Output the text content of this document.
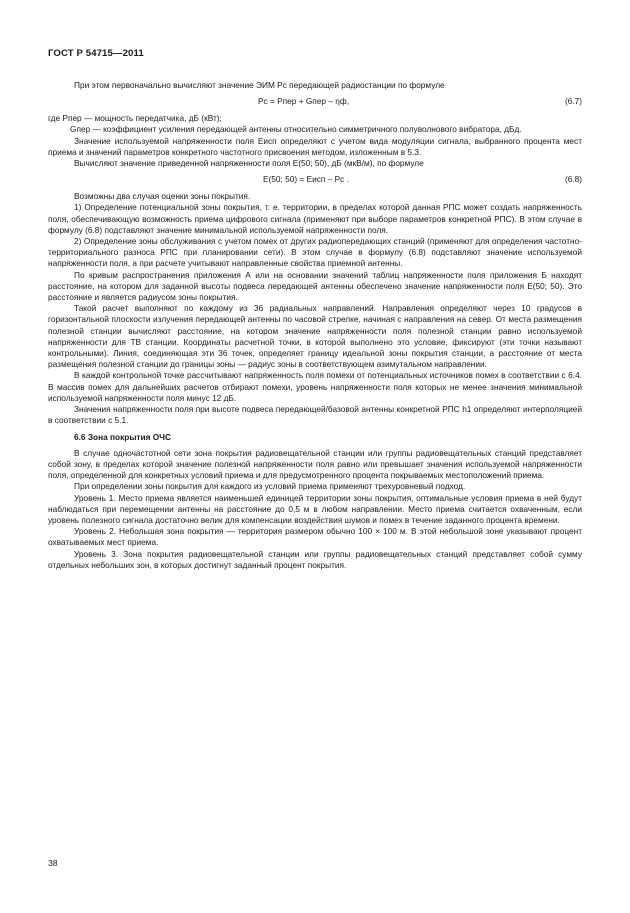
ГОСТ Р 54715—2011

При этом первоначально вычисляют значение ЭИМ Pс передающей радиостанции по формуле

Pс = Pпер + Gпер – ηф,	(6.7)

где Pпер — мощность передатчика, дБ (кВт);

Gпер — коэффициент усиления передающей антенны относительно симметричного полуволнового вибратора, дБд.

Значение используемой напряженности поля Eисп определяют с учетом вида модуляции сигнала, выбранного процента мест приема и значений параметров конкретного частотного присвоения методом, изложенным в 5.3.

Вычисляют значение приведенной напряженности поля E(50; 50), дБ (мкВ/м), по формуле

E(50; 50) = Eисп – Pс .	(6.8)

Возможны два случая оценки зоны покрытия.

1) Определение потенциальной зоны покрытия, т. е. территории, в пределах которой данная РПС может создать напряженность поля, обеспечивающую возможность приема цифрового сигнала (применяют при выборе параметров конкретной РПС). В этом случае в формулу (6.8) подставляют значение минимальной используемой напряженности поля.

2) Определение зоны обслуживания с учетом помех от других радиопередающих станций (применяют для определения частотно-территориального разноса РПС при планировании сети). В этом случае в формулу (6.8) подставляют значение используемой напряженности поля, а при расчете учитывают направленные свойства приемной антенны.

По кривым распространения приложения А или на основании значений таблиц напряженности поля приложения Б находят расстояние, на котором для заданной высоты подвеса передающей антенны обеспечено значение напряженности поля E(50; 50). Это расстояние и является радиусом зоны покрытия.

Такой расчет выполняют по каждому из 36 радиальных направлений. Направления определяют через 10 градусов в горизонтальной плоскости излучения передающей антенны по часовой стрелке, начиная с направления на север. От места размещения полезной станции вычисляют расстояние, на котором значение напряженности поля полезной станции равно используемой напряженности для ТВ станции. Координаты расчетной точки, в которой выполнено это условие, фиксируют (эти точки называют контрольными). Линия, соединяющая эти 36 точек, определяет границу идеальной зоны покрытия станции, а расстояние от места размещения полезной станции до границы зоны — радиус зоны в соответствующем азимутальном направлении.

В каждой контрольной точке рассчитывают напряженность поля помехи от потенциальных источников помех в соответствии с 6.4. В массив помех для дальнейших расчетов отбирают помехи, уровень напряженности поля которых не менее значения минимальной используемой напряженности поля минус 12 дБ.

Значения напряженности поля при высоте подвеса передающей/базовой антенны конкретной РПС h1 определяют интерполяцией в соответствии с 5.1.

6.6 Зона покрытия ОЧС

В случае одночастотной сети зона покрытия радиовещательной станции или группы радиовещательных станций представляет собой зону, в пределах которой значение полезной напряженности поля равно или превышает значения используемой напряженности поля, определенной для конкретных условий приема и для предусмотренного процента покрываемых местоположений приема.

При определении зоны покрытия для каждого из условий приема применяют трехуровневый подход.

Уровень 1. Место приема является наименьшей единицей территории зоны покрытия, оптимальные условия приема в ней будут наблюдаться при перемещении антенны на расстояние до 0,5 м в любом направлении. Место приема считается охваченным, если уровень полезного сигнала достаточно велик для компенсации воздействия шумов и помех в течение заданного процента времени.

Уровень 2. Небольшая зона покрытия — территория размером обычно 100 × 100 м. В этой небольшой зоне указывают процент охватываемых мест приема.

Уровень 3. Зона покрытия радиовещательной станции или группы радиовещательных станций представляет собой сумму отдельных небольших зон, в которых достигнут заданный процент покрытия.

38
